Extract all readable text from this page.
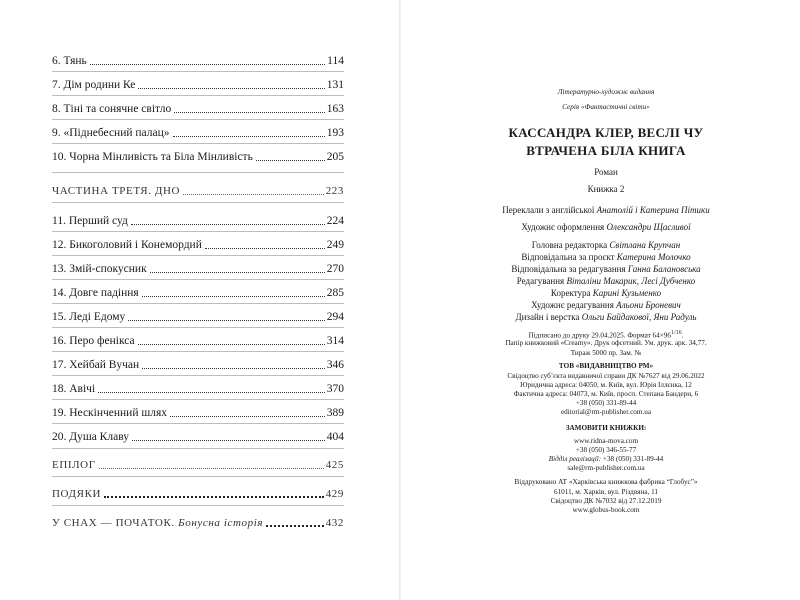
6. Тянь	114
7. Дім родини Ке	131
8. Тіні та сонячне світло	163
9. «Піднебесний палац»	193
10. Чорна Мінливість та Біла Мінливість	205
ЧАСТИНА ТРЕТЯ. ДНО	223
11. Перший суд	224
12. Бикоголовий і Конемордий	249
13. Змій-спокусник	270
14. Довге падіння	285
15. Леді Едому	294
16. Перо фенікса	314
17. Хейбай Вучан	346
18. Авічі	370
19. Нескінченний шлях	389
20. Душа Клаву	404
ЕПІЛОГ	425
ПОДЯКИ	429
У СНАХ — ПОЧАТОК. Бонусна історія	432
Літературно-художнє видання
Серія «Фантастичні світи»
КАССАНДРА КЛЕР, ВЕСЛІ ЧУ
ВТРАЧЕНА БІЛА КНИГА
Роман
Книжка 2
Переклали з англійської Анатолій і Катерина Пітики
Художнє оформлення Олександри Щасливої
Головна редакторка Світлана Крупчан
Відповідальна за проєкт Катерина Молочко
Відповідальна за редагування Ганна Балановська
Редагування Віталіни Макарик, Лесі Дубченко
Коректура Карині Кузьменко
Художнє редагування Альони Броневич
Дизайн і верстка Ольги Байдакової, Яни Радуль
Підписано до друку 29.04.2025. Формат $64\times 96^{1/16}$.
Папір книжковий «Creamy». Друк офсетний. Ум. друк. арк. 34,77.
Тираж 5000 пр. Зам. №
ТОВ «ВИДАВНИЦТВО РМ»
Свідоцтво суб’єкта видавничої справи ДК №7627 від 29.06.2022
Юридична адреса: 04050, м. Київ, вул. Юрія Іллєнка, 12
Фактична адреса: 04073, м. Київ, просп. Степана Бандери, 6
+38 (050) 331-89-44
editorial@rm-publisher.com.ua
ЗАМОВИТИ КНИЖКИ:
www.ridna-mova.com
+38 (050) 346-55-77
Відділ реалізації: +38 (050) 331-89-44
sale@rm-publisher.com.ua
Віддруковано АТ «Харківська книжкова фабрика “Глобус”»
61011, м. Харків, вул. Різдвяна, 11
Свідоцтво ДК №7032 від 27.12.2019
www.globus-book.com
